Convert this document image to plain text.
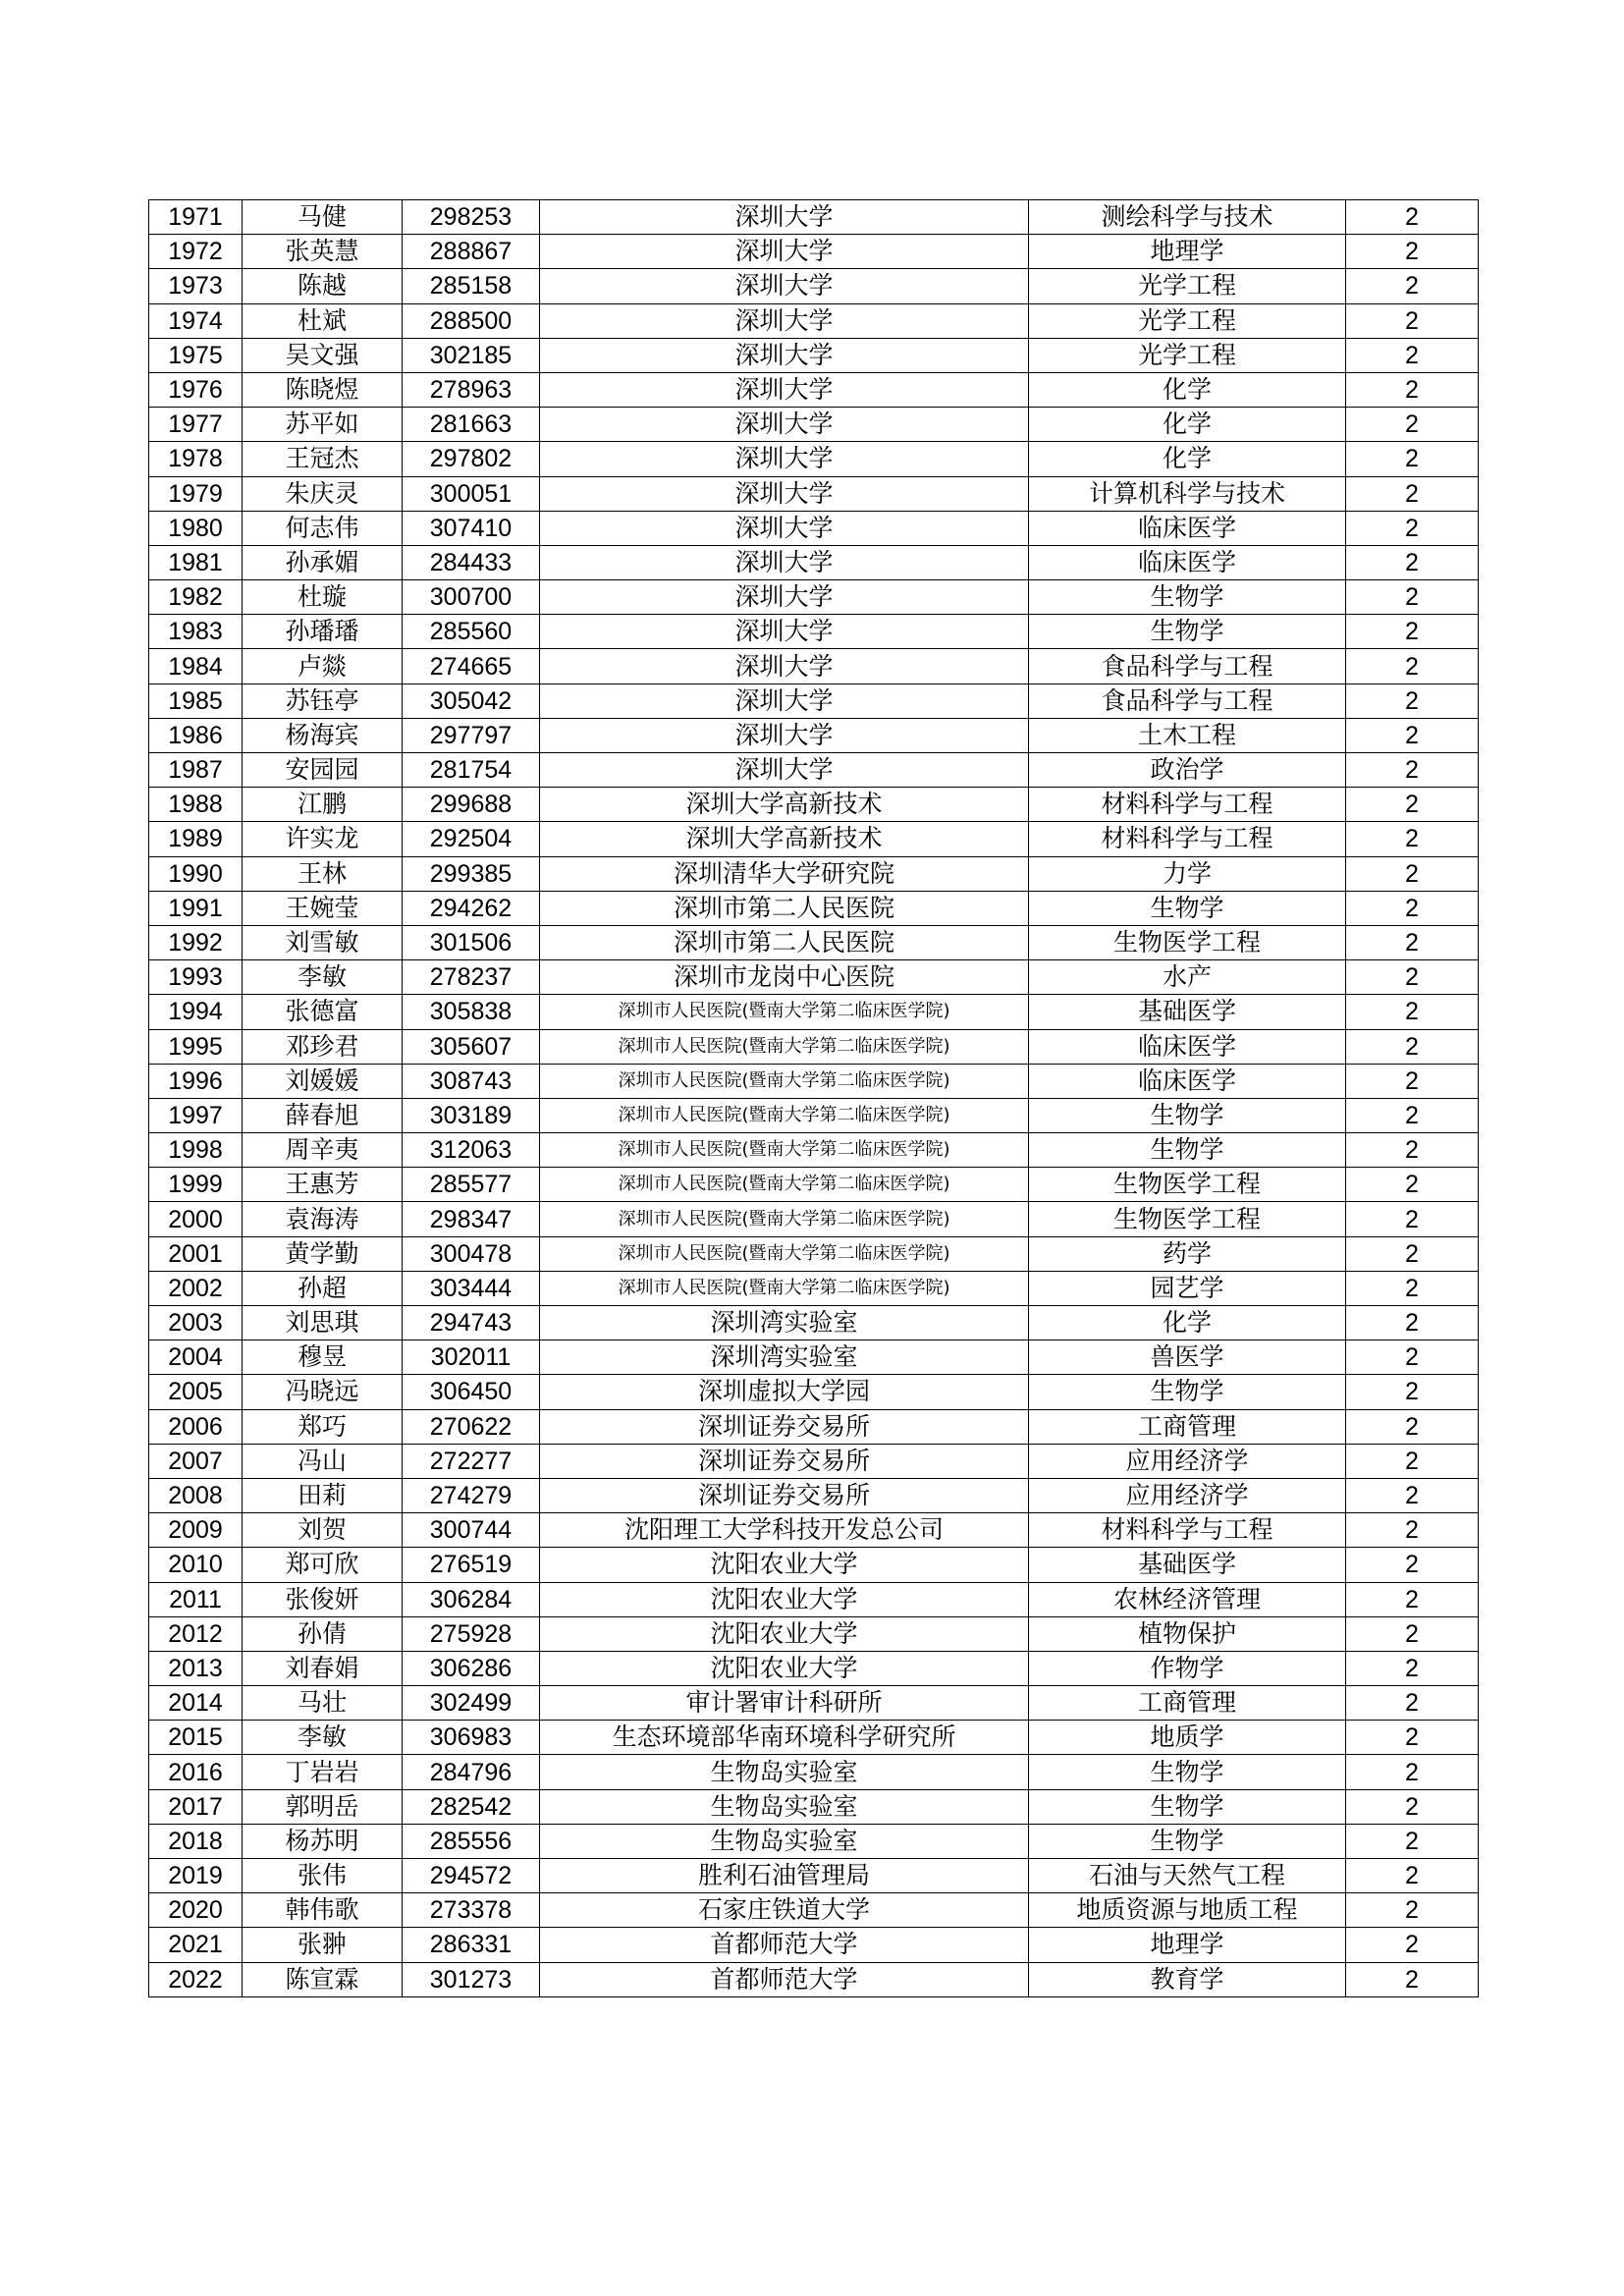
1971	马健	298253	深圳大学	测绘科学与技术	2
1972	张英慧	288867	深圳大学	地理学	2
1973	陈越	285158	深圳大学	光学工程	2
1974	杜斌	288500	深圳大学	光学工程	2
1975	吴文强	302185	深圳大学	光学工程	2
1976	陈晓煜	278963	深圳大学	化学	2
1977	苏平如	281663	深圳大学	化学	2
1978	王冠杰	297802	深圳大学	化学	2
1979	朱庆灵	300051	深圳大学	计算机科学与技术	2
1980	何志伟	307410	深圳大学	临床医学	2
1981	孙承媚	284433	深圳大学	临床医学	2
1982	杜璇	300700	深圳大学	生物学	2
1983	孙璠璠	285560	深圳大学	生物学	2
1984	卢燚	274665	深圳大学	食品科学与工程	2
1985	苏钰亭	305042	深圳大学	食品科学与工程	2
1986	杨海宾	297797	深圳大学	土木工程	2
1987	安园园	281754	深圳大学	政治学	2
1988	江鹏	299688	深圳大学高新技术	材料科学与工程	2
1989	许实龙	292504	深圳大学高新技术	材料科学与工程	2
1990	王林	299385	深圳清华大学研究院	力学	2
1991	王婉莹	294262	深圳市第二人民医院	生物学	2
1992	刘雪敏	301506	深圳市第二人民医院	生物医学工程	2
1993	李敏	278237	深圳市龙岗中心医院	水产	2
1994	张德富	305838	深圳市人民医院(暨南大学第二临床医学院)	基础医学	2
1995	邓珍君	305607	深圳市人民医院(暨南大学第二临床医学院)	临床医学	2
1996	刘媛媛	308743	深圳市人民医院(暨南大学第二临床医学院)	临床医学	2
1997	薛春旭	303189	深圳市人民医院(暨南大学第二临床医学院)	生物学	2
1998	周辛夷	312063	深圳市人民医院(暨南大学第二临床医学院)	生物学	2
1999	王惠芳	285577	深圳市人民医院(暨南大学第二临床医学院)	生物医学工程	2
2000	袁海涛	298347	深圳市人民医院(暨南大学第二临床医学院)	生物医学工程	2
2001	黄学勤	300478	深圳市人民医院(暨南大学第二临床医学院)	药学	2
2002	孙超	303444	深圳市人民医院(暨南大学第二临床医学院)	园艺学	2
2003	刘思琪	294743	深圳湾实验室	化学	2
2004	穆昱	302011	深圳湾实验室	兽医学	2
2005	冯晓远	306450	深圳虚拟大学园	生物学	2
2006	郑巧	270622	深圳证券交易所	工商管理	2
2007	冯山	272277	深圳证券交易所	应用经济学	2
2008	田莉	274279	深圳证券交易所	应用经济学	2
2009	刘贺	300744	沈阳理工大学科技开发总公司	材料科学与工程	2
2010	郑可欣	276519	沈阳农业大学	基础医学	2
2011	张俊妍	306284	沈阳农业大学	农林经济管理	2
2012	孙倩	275928	沈阳农业大学	植物保护	2
2013	刘春娟	306286	沈阳农业大学	作物学	2
2014	马壮	302499	审计署审计科研所	工商管理	2
2015	李敏	306983	生态环境部华南环境科学研究所	地质学	2
2016	丁岩岩	284796	生物岛实验室	生物学	2
2017	郭明岳	282542	生物岛实验室	生物学	2
2018	杨苏明	285556	生物岛实验室	生物学	2
2019	张伟	294572	胜利石油管理局	石油与天然气工程	2
2020	韩伟歌	273378	石家庄铁道大学	地质资源与地质工程	2
2021	张翀	286331	首都师范大学	地理学	2
2022	陈宣霖	301273	首都师范大学	教育学	2
